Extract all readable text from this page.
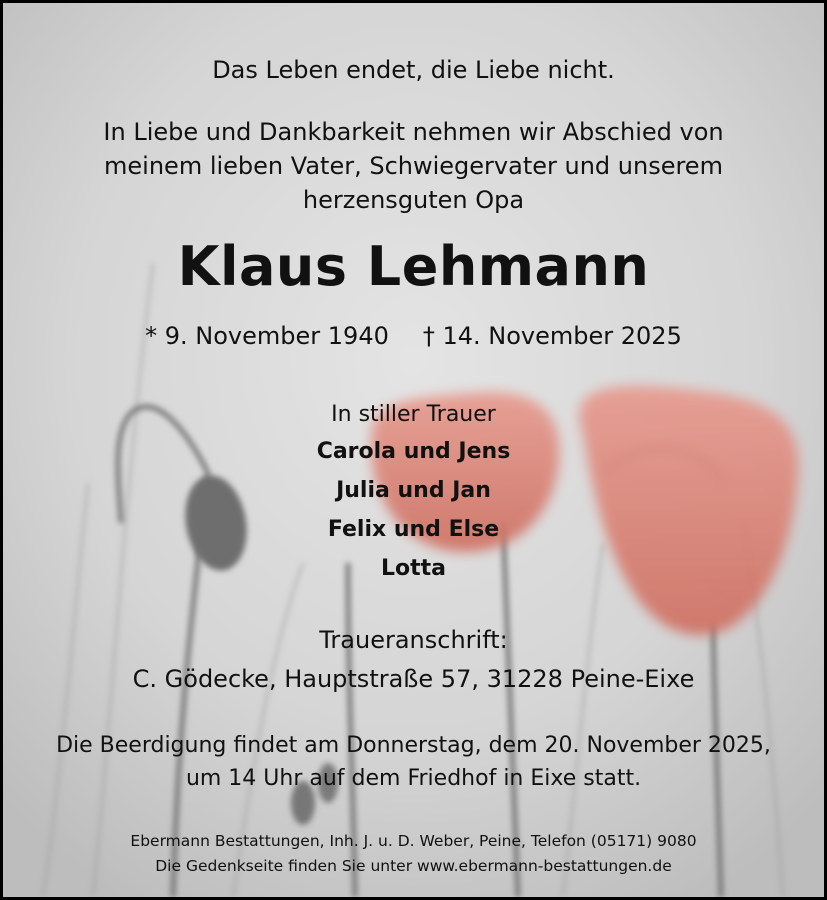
Das Leben endet, die Liebe nicht.
In Liebe und Dankbarkeit nehmen wir Abschied von
meinem lieben Vater, Schwiegervater und unserem
herzensguten Opa
Klaus Lehmann
* 9. November 1940 † 14. November 2025
In stiller Trauer
Carola und Jens
Julia und Jan
Felix und Else
Lotta
Traueranschrift:
C. Gödecke, Hauptstraße 57, 31228 Peine-Eixe
Die Beerdigung findet am Donnerstag, dem 20. November 2025,
um 14 Uhr auf dem Friedhof in Eixe statt.
Ebermann Bestattungen, Inh. J. u. D. Weber, Peine, Telefon (05171) 9080
Die Gedenkseite finden Sie unter www.ebermann-bestattungen.de
